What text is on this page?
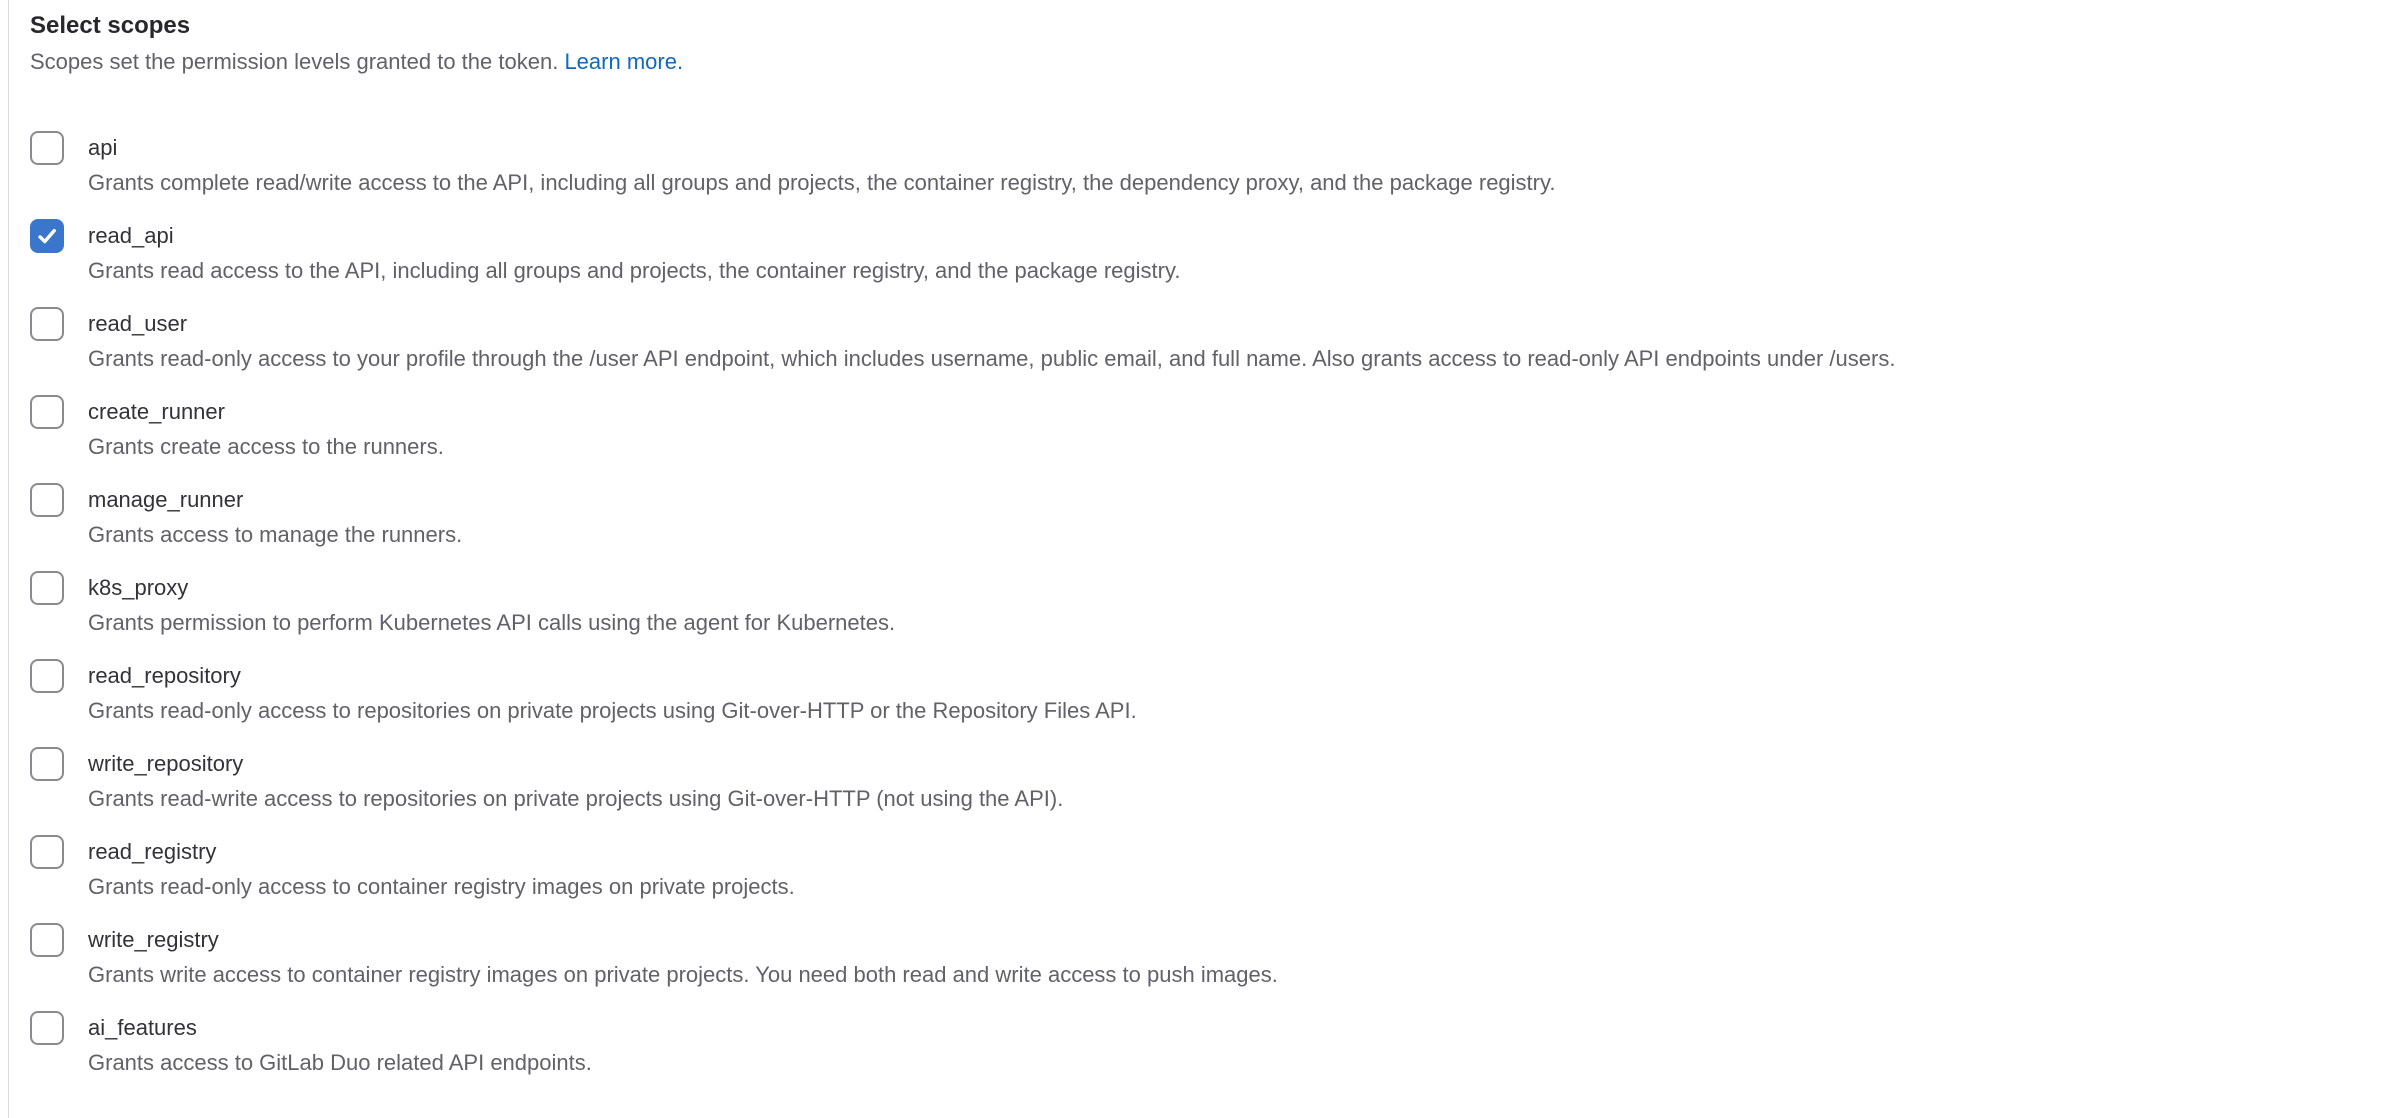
Select scopes

Scopes set the permission levels granted to the token. Learn more.

api
Grants complete read/write access to the API, including all groups and projects, the container registry, the dependency proxy, and the package registry.
read_api
Grants read access to the API, including all groups and projects, the container registry, and the package registry.
read_user
Grants read-only access to your profile through the /user API endpoint, which includes username, public email, and full name. Also grants access to read-only API endpoints under /users.
create_runner
Grants create access to the runners.
manage_runner
Grants access to manage the runners.
k8s_proxy
Grants permission to perform Kubernetes API calls using the agent for Kubernetes.
read_repository
Grants read-only access to repositories on private projects using Git-over-HTTP or the Repository Files API.
write_repository
Grants read-write access to repositories on private projects using Git-over-HTTP (not using the API).
read_registry
Grants read-only access to container registry images on private projects.
write_registry
Grants write access to container registry images on private projects. You need both read and write access to push images.
ai_features
Grants access to GitLab Duo related API endpoints.
